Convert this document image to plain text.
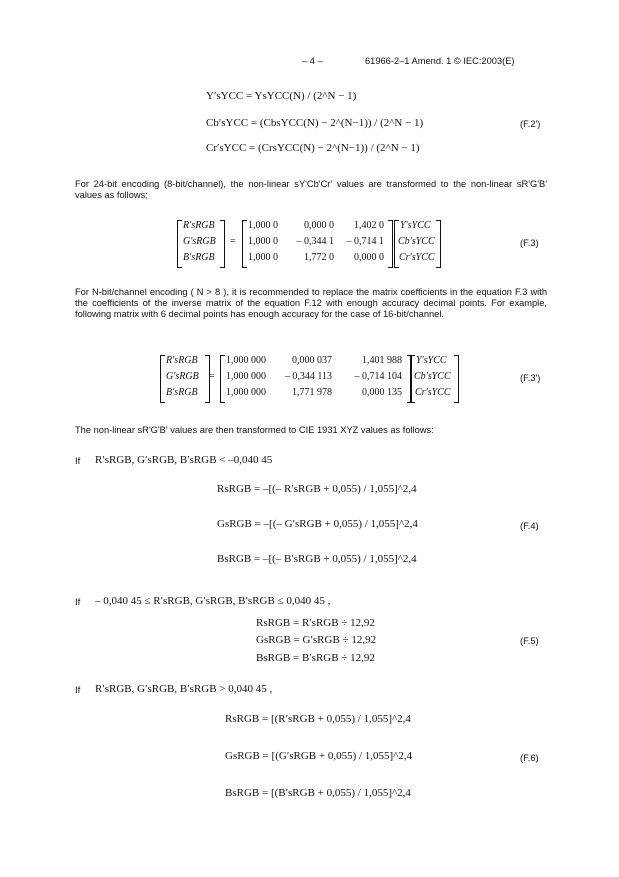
– 4 –	61966-2–1 Amend. 1 © IEC:2003(E)
Y′sYCC = YsYCC(N) / (2^N − 1)
Cb′sYCC = (CbsYCC(N) − 2^(N−1)) / (2^N − 1)
Cr′sYCC = (CrsYCC(N) − 2^(N−1)) / (2^N − 1)
(F.2')
For 24-bit encoding (8-bit/channel), the non-linear sY'Cb'Cr' values are transformed to the non-linear sR'G'B' values as follows;
R′sRGB
G′sRGB
B′sRGB
=
1,000 0	0,000 0	1,402 0
1,000 0	– 0,344 1	– 0,714 1
1,000 0	1,772 0	0,000 0
Y′sYCC
Cb′sYCC
Cr′sYCC
(F.3)
For N-bit/channel encoding ( N > 8 ), it is recommended to replace the matrix coefficients in the equation F.3 with the coefficients of the inverse matrix of the equation F.12 with enough accuracy decimal points. For example, following matrix with 6 decimal points has enough accuracy for the case of 16-bit/channel.
R′sRGB
G′sRGB
B′sRGB
=
1,000 000	0,000 037	1,401 988
1,000 000	– 0,344 113	– 0,714 104
1,000 000	1,771 978	0,000 135
Y′sYCC
Cb′sYCC
Cr′sYCC
(F.3')
The non-linear sR'G'B' values are then transformed to CIE 1931 XYZ values as follows:
If R′sRGB, G′sRGB, B′sRGB < –0,040 45
RsRGB = –[(– R′sRGB + 0,055) / 1,055]^2,4
GsRGB = –[(– G′sRGB + 0,055) / 1,055]^2,4
BsRGB = –[(– B′sRGB + 0,055) / 1,055]^2,4
(F.4)
If – 0,040 45 ≤ R′sRGB, G′sRGB, B′sRGB ≤ 0,040 45 ,
RsRGB = R′sRGB ÷ 12,92
GsRGB = G′sRGB ÷ 12,92
BsRGB = B′sRGB ÷ 12,92
(F.5)
If R′sRGB, G′sRGB, B′sRGB > 0,040 45 ,
RsRGB = [(R′sRGB + 0,055) / 1,055]^2,4
GsRGB = [(G′sRGB + 0,055) / 1,055]^2,4
BsRGB = [(B′sRGB + 0,055) / 1,055]^2,4
(F.6)
